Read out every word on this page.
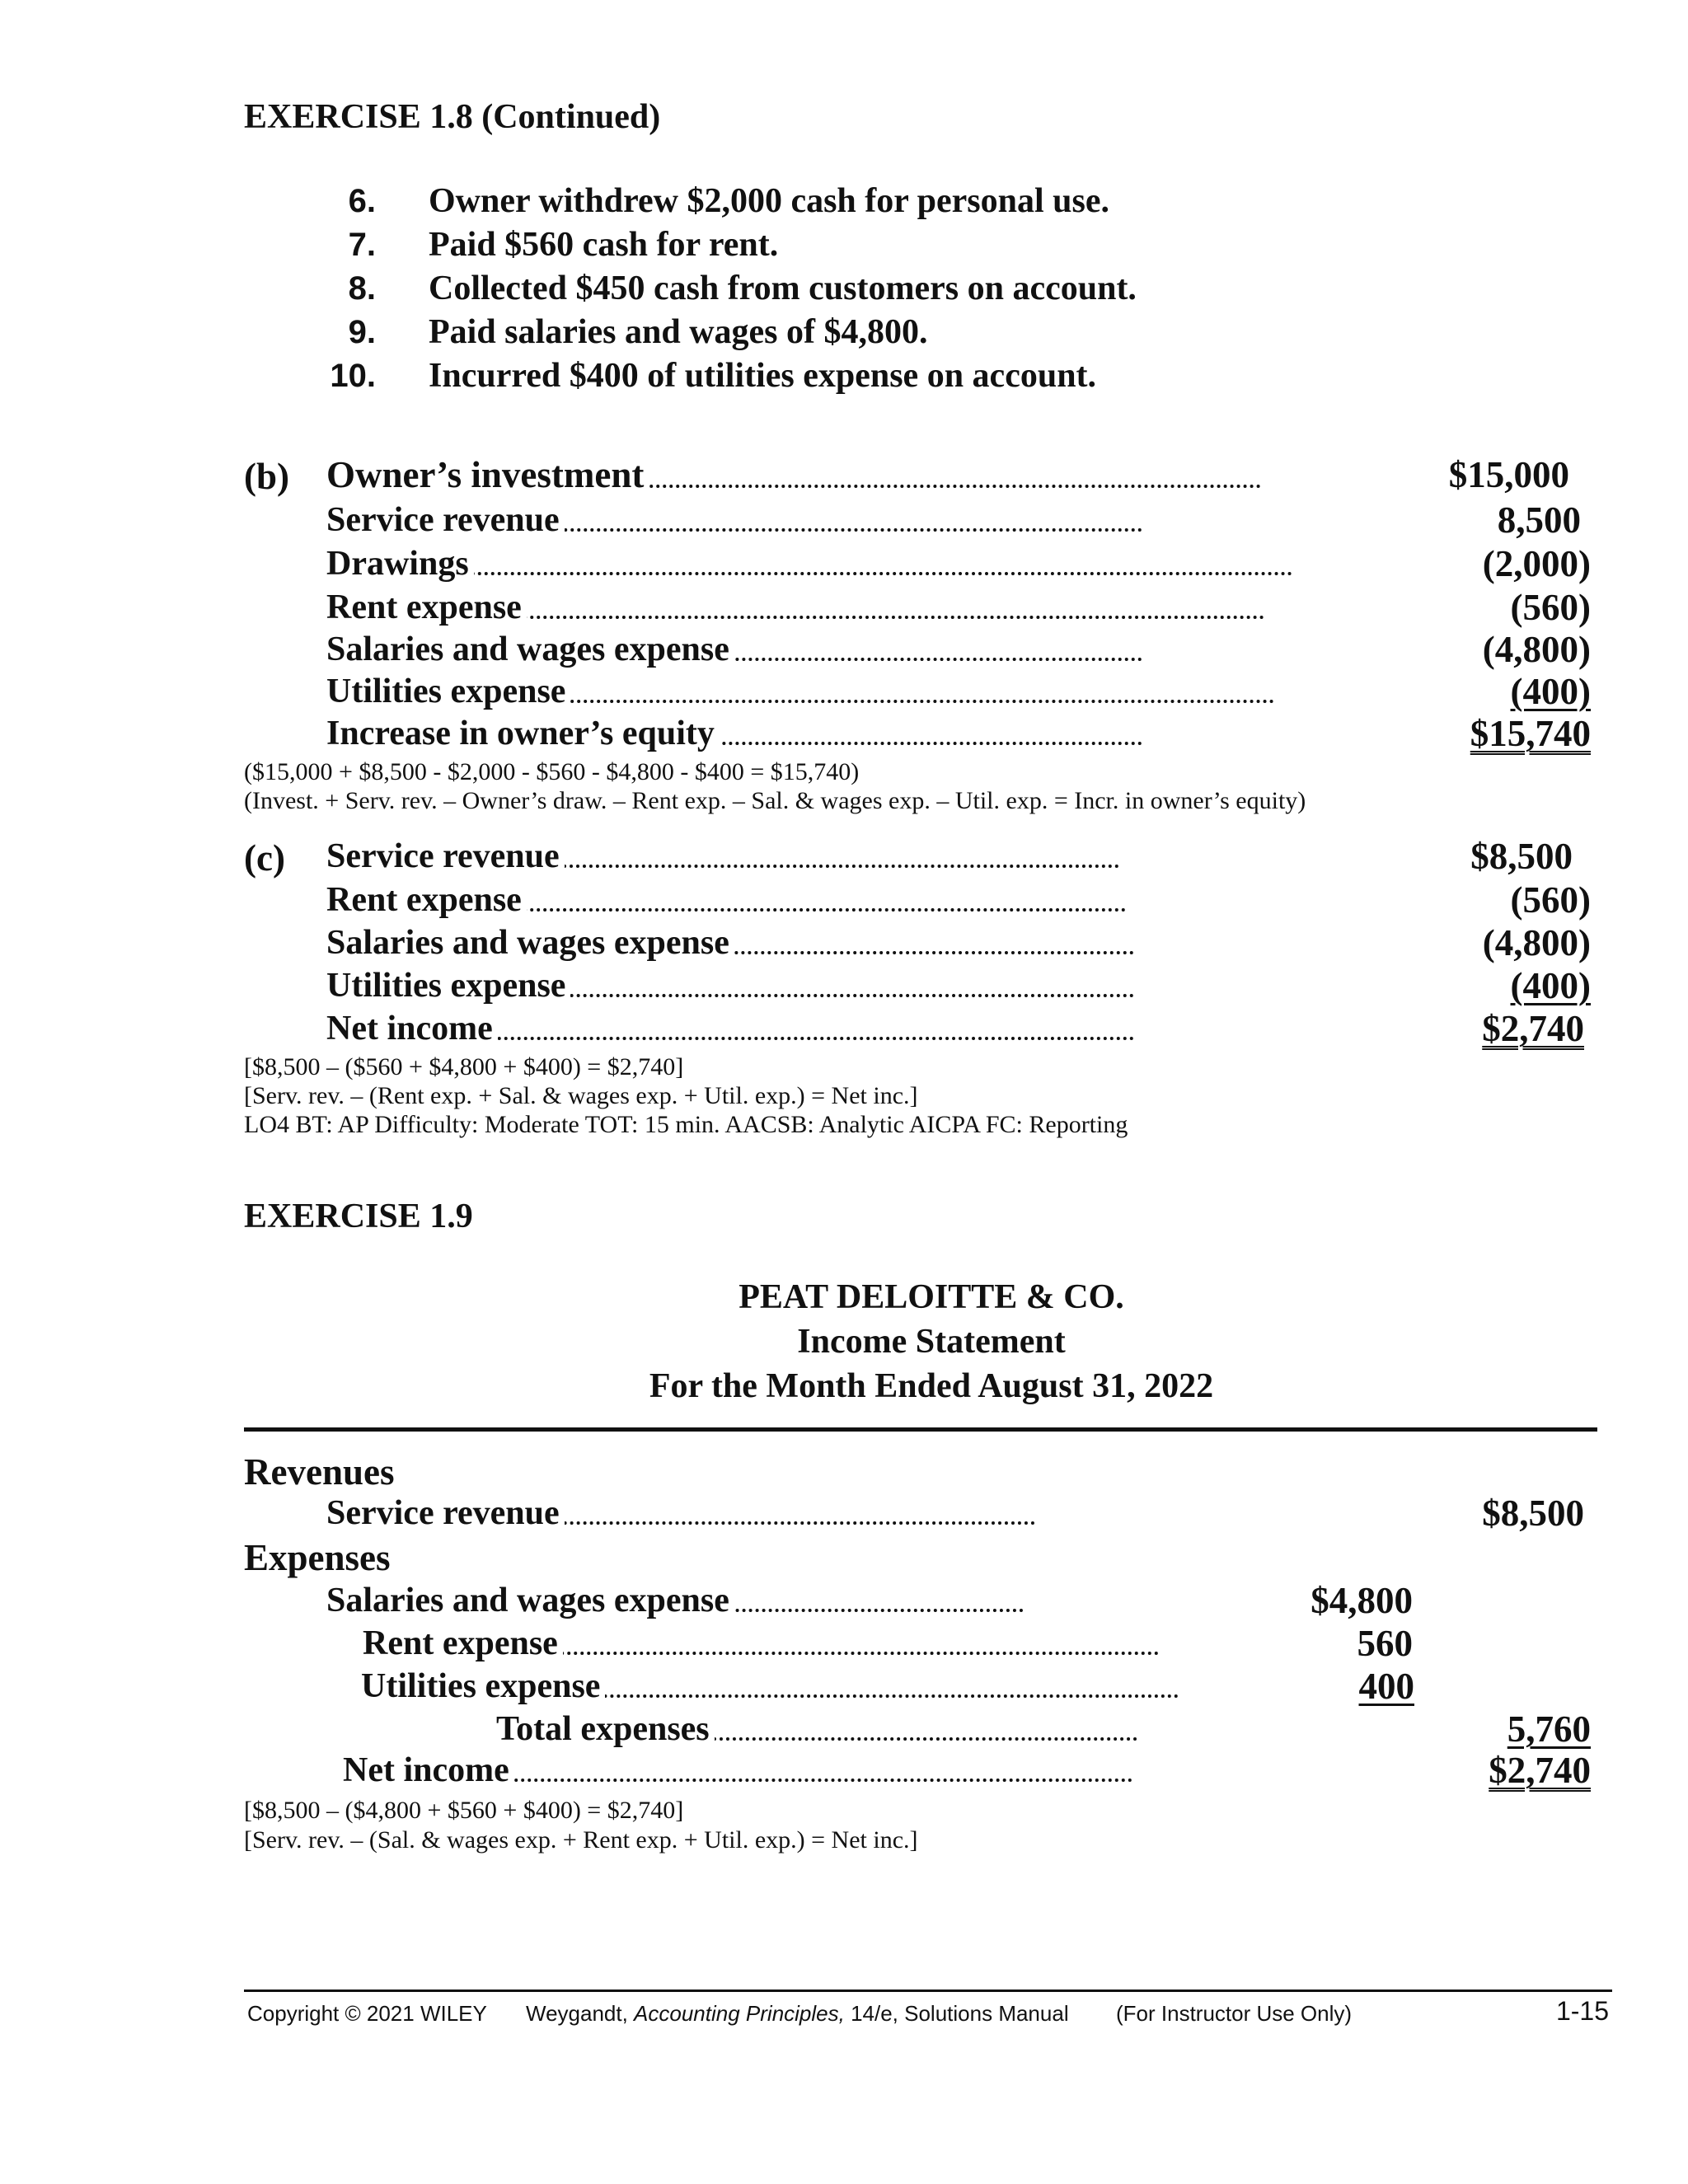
EXERCISE 1.8 (Continued)
6. Owner withdrew $2,000 cash for personal use.
7. Paid $560 cash for rent.
8. Collected $450 cash from customers on account.
9. Paid salaries and wages of $4,800.
10. Incurred $400 of utilities expense on account.
(b) Owner’s investment	$15,000
Service revenue	8,500
Drawings	(2,000)
Rent expense	(560)
Salaries and wages expense	(4,800)
Utilities expense	(400)
Increase in owner’s equity	$15,740
($15,000 + $8,500 - $2,000 - $560 - $4,800 - $400 = $15,740)
(Invest. + Serv. rev. – Owner’s draw. – Rent exp. – Sal. & wages exp. – Util. exp. = Incr. in owner’s equity)
(c) Service revenue	$8,500
Rent expense	(560)
Salaries and wages expense	(4,800)
Utilities expense	(400)
Net income	$2,740
[$8,500 – ($560 + $4,800 + $400) = $2,740]
[Serv. rev. – (Rent exp. + Sal. & wages exp. + Util. exp.) = Net inc.]
LO4 BT: AP Difficulty: Moderate TOT: 15 min. AACSB: Analytic AICPA FC: Reporting
EXERCISE 1.9
PEAT DELOITTE & CO.
Income Statement
For the Month Ended August 31, 2022
Revenues
Service revenue	$8,500
Expenses
Salaries and wages expense	$4,800
Rent expense	560
Utilities expense	400
Total expenses	5,760
Net income	$2,740
[$8,500 – ($4,800 + $560 + $400) = $2,740]
[Serv. rev. – (Sal. & wages exp. + Rent exp. + Util. exp.) = Net inc.]
Copyright © 2021 WILEY Weygandt, Accounting Principles, 14/e, Solutions Manual (For Instructor Use Only)	1-15
